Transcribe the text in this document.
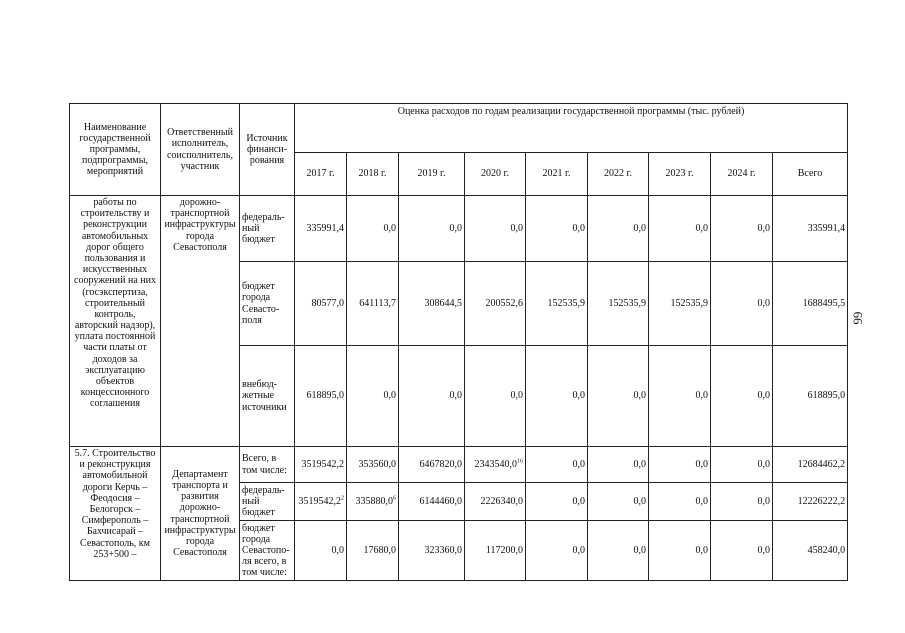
Наименование государственной программы, подпрограммы, мероприятий	Ответственный исполнитель, соисполнитель, участник	Источник финанси-рования	Оценка расходов по годам реализации государственной программы (тыс. рублей)								
			2017 г.	2018 г.	2019 г.	2020 г.	2021 г.	2022 г.	2023 г.	2024 г.	Всего
работы по строительству и реконструкции автомобильных дорог общего пользования и искусственных сооружений на них (госэкспертиза, строительный контроль, авторский надзор), уплата постоянной части платы от доходов за эксплуатацию объектов концессионного соглашения	дорожно-транспортной инфраструктуры города Севастополя	федераль-ный бюджет	335991,4	0,0	0,0	0,0	0,0	0,0	0,0	0,0	335991,4
		бюджет города Севасто-поля	80577,0	641113,7	308644,5	200552,6	152535,9	152535,9	152535,9	0,0	1688495,5
		внебюд-жетные источники	618895,0	0,0	0,0	0,0	0,0	0,0	0,0	0,0	618895,0
5.7. Строительство и реконструкция автомобильной дороги Керчь – Феодосия – Белогорск – Симферополь – Бахчисарай – Севастополь, км 253+500 –	Департамент транспорта и развития дорожно-транспортной инфраструктуры города Севастополя	Всего, в том числе:	3519542,2	353560,0	6467820,0	2343540,0$^{16}$	0,0	0,0	0,0	0,0	12684462,2
		федераль-ный бюджет	3519542,2$^2$	335880,0$^6$	6144460,0	2226340,0	0,0	0,0	0,0	0,0	12226222,2
		бюджет города Севастопо-ля всего, в том числе:	0,0	17680,0	323360,0	117200,0	0,0	0,0	0,0	0,0	458240,0
66
